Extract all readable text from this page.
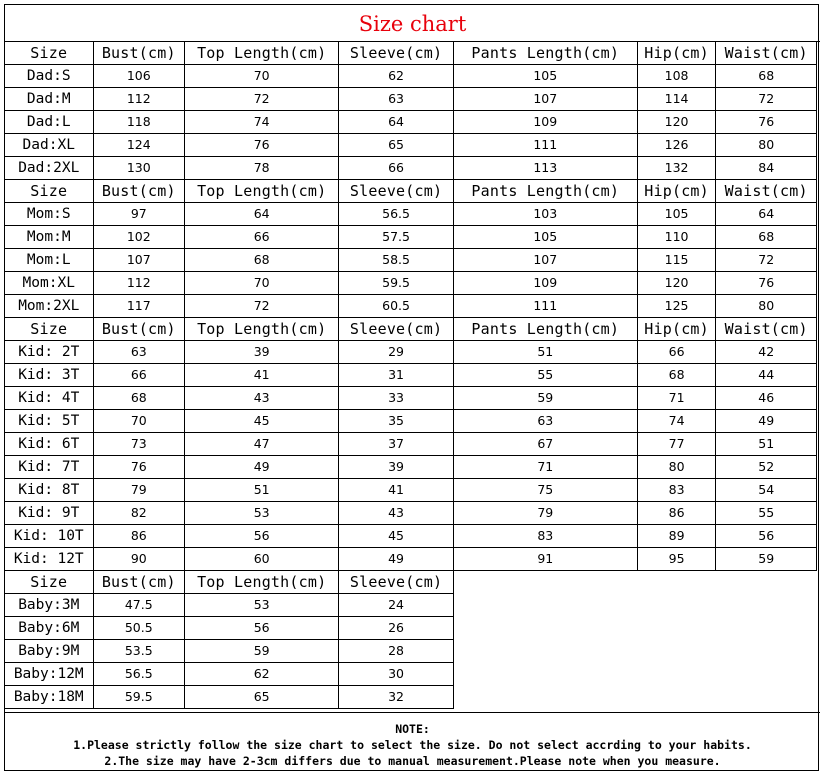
Size chart
Size	Bust(cm)	Top Length(cm)	Sleeve(cm)	Pants Length(cm)	Hip(cm)	Waist(cm)
Dad:S	106	70	62	105	108	68
Dad:M	112	72	63	107	114	72
Dad:L	118	74	64	109	120	76
Dad:XL	124	76	65	111	126	80
Dad:2XL	130	78	66	113	132	84
Size	Bust(cm)	Top Length(cm)	Sleeve(cm)	Pants Length(cm)	Hip(cm)	Waist(cm)
Mom:S	97	64	56.5	103	105	64
Mom:M	102	66	57.5	105	110	68
Mom:L	107	68	58.5	107	115	72
Mom:XL	112	70	59.5	109	120	76
Mom:2XL	117	72	60.5	111	125	80
Size	Bust(cm)	Top Length(cm)	Sleeve(cm)	Pants Length(cm)	Hip(cm)	Waist(cm)
Kid: 2T	63	39	29	51	66	42
Kid: 3T	66	41	31	55	68	44
Kid: 4T	68	43	33	59	71	46
Kid: 5T	70	45	35	63	74	49
Kid: 6T	73	47	37	67	77	51
Kid: 7T	76	49	39	71	80	52
Kid: 8T	79	51	41	75	83	54
Kid: 9T	82	53	43	79	86	55
Kid: 10T	86	56	45	83	89	56
Kid: 12T	90	60	49	91	95	59
Size	Bust(cm)	Top Length(cm)	Sleeve(cm)			
Baby:3M	47.5	53	24			
Baby:6M	50.5	56	26			
Baby:9M	53.5	59	28			
Baby:12M	56.5	62	30			
Baby:18M	59.5	65	32			
NOTE:
1.Please strictly follow the size chart to select the size. Do not select accrding to your habits.
2.The size may have 2-3cm differs due to manual measurement.Please note when you measure.
